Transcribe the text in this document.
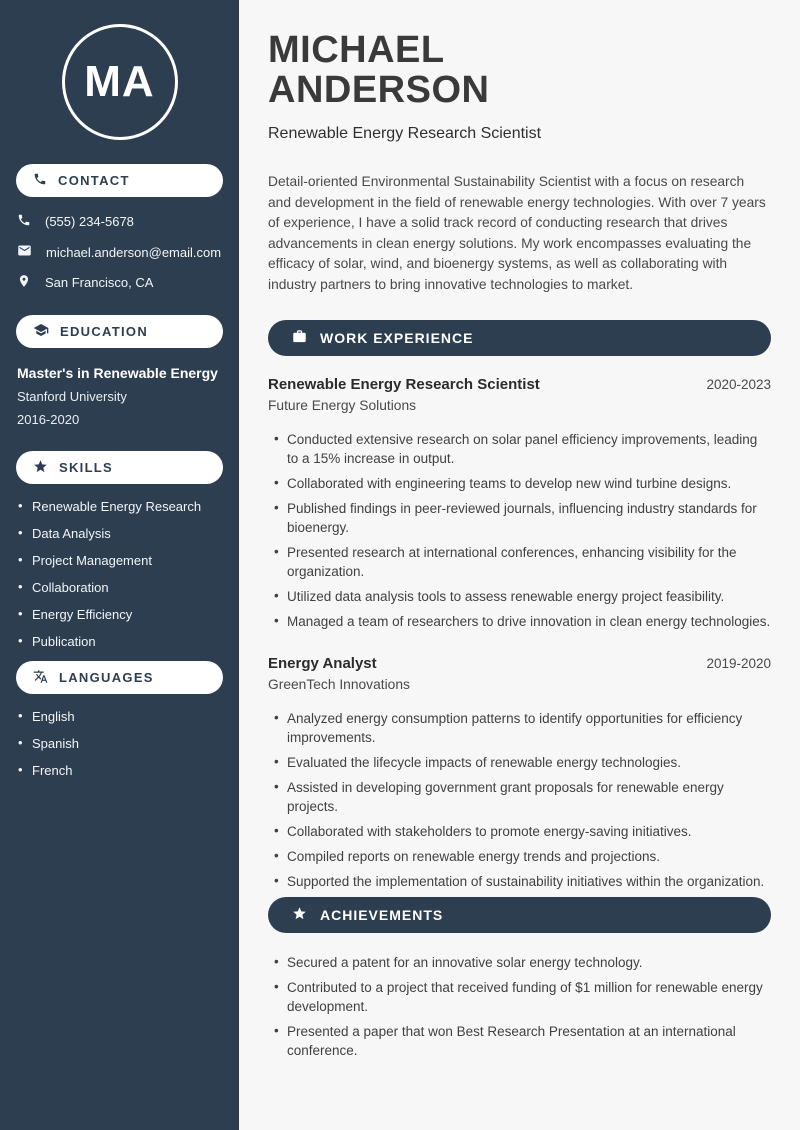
MA
CONTACT
(555) 234-5678
michael.anderson@email.com
San Francisco, CA
EDUCATION
Master's in Renewable Energy
Stanford University
2016-2020
SKILLS
• Renewable Energy Research
• Data Analysis
• Project Management
• Collaboration
• Energy Efficiency
• Publication
LANGUAGES
• English
• Spanish
• French
MICHAEL ANDERSON
Renewable Energy Research Scientist

Detail-oriented Environmental Sustainability Scientist with a focus on research and development in the field of renewable energy technologies. With over 7 years of experience, I have a solid track record of conducting research that drives advancements in clean energy solutions. My work encompasses evaluating the efficacy of solar, wind, and bioenergy systems, as well as collaborating with industry partners to bring innovative technologies to market.

WORK EXPERIENCE
Renewable Energy Research Scientist	2020-2023
Future Energy Solutions
• Conducted extensive research on solar panel efficiency improvements, leading to a 15% increase in output.
• Collaborated with engineering teams to develop new wind turbine designs.
• Published findings in peer-reviewed journals, influencing industry standards for bioenergy.
• Presented research at international conferences, enhancing visibility for the organization.
• Utilized data analysis tools to assess renewable energy project feasibility.
• Managed a team of researchers to drive innovation in clean energy technologies.
Energy Analyst	2019-2020
GreenTech Innovations
• Analyzed energy consumption patterns to identify opportunities for efficiency improvements.
• Evaluated the lifecycle impacts of renewable energy technologies.
• Assisted in developing government grant proposals for renewable energy projects.
• Collaborated with stakeholders to promote energy-saving initiatives.
• Compiled reports on renewable energy trends and projections.
• Supported the implementation of sustainability initiatives within the organization.
ACHIEVEMENTS
• Secured a patent for an innovative solar energy technology.
• Contributed to a project that received funding of $1 million for renewable energy development.
• Presented a paper that won Best Research Presentation at an international conference.
